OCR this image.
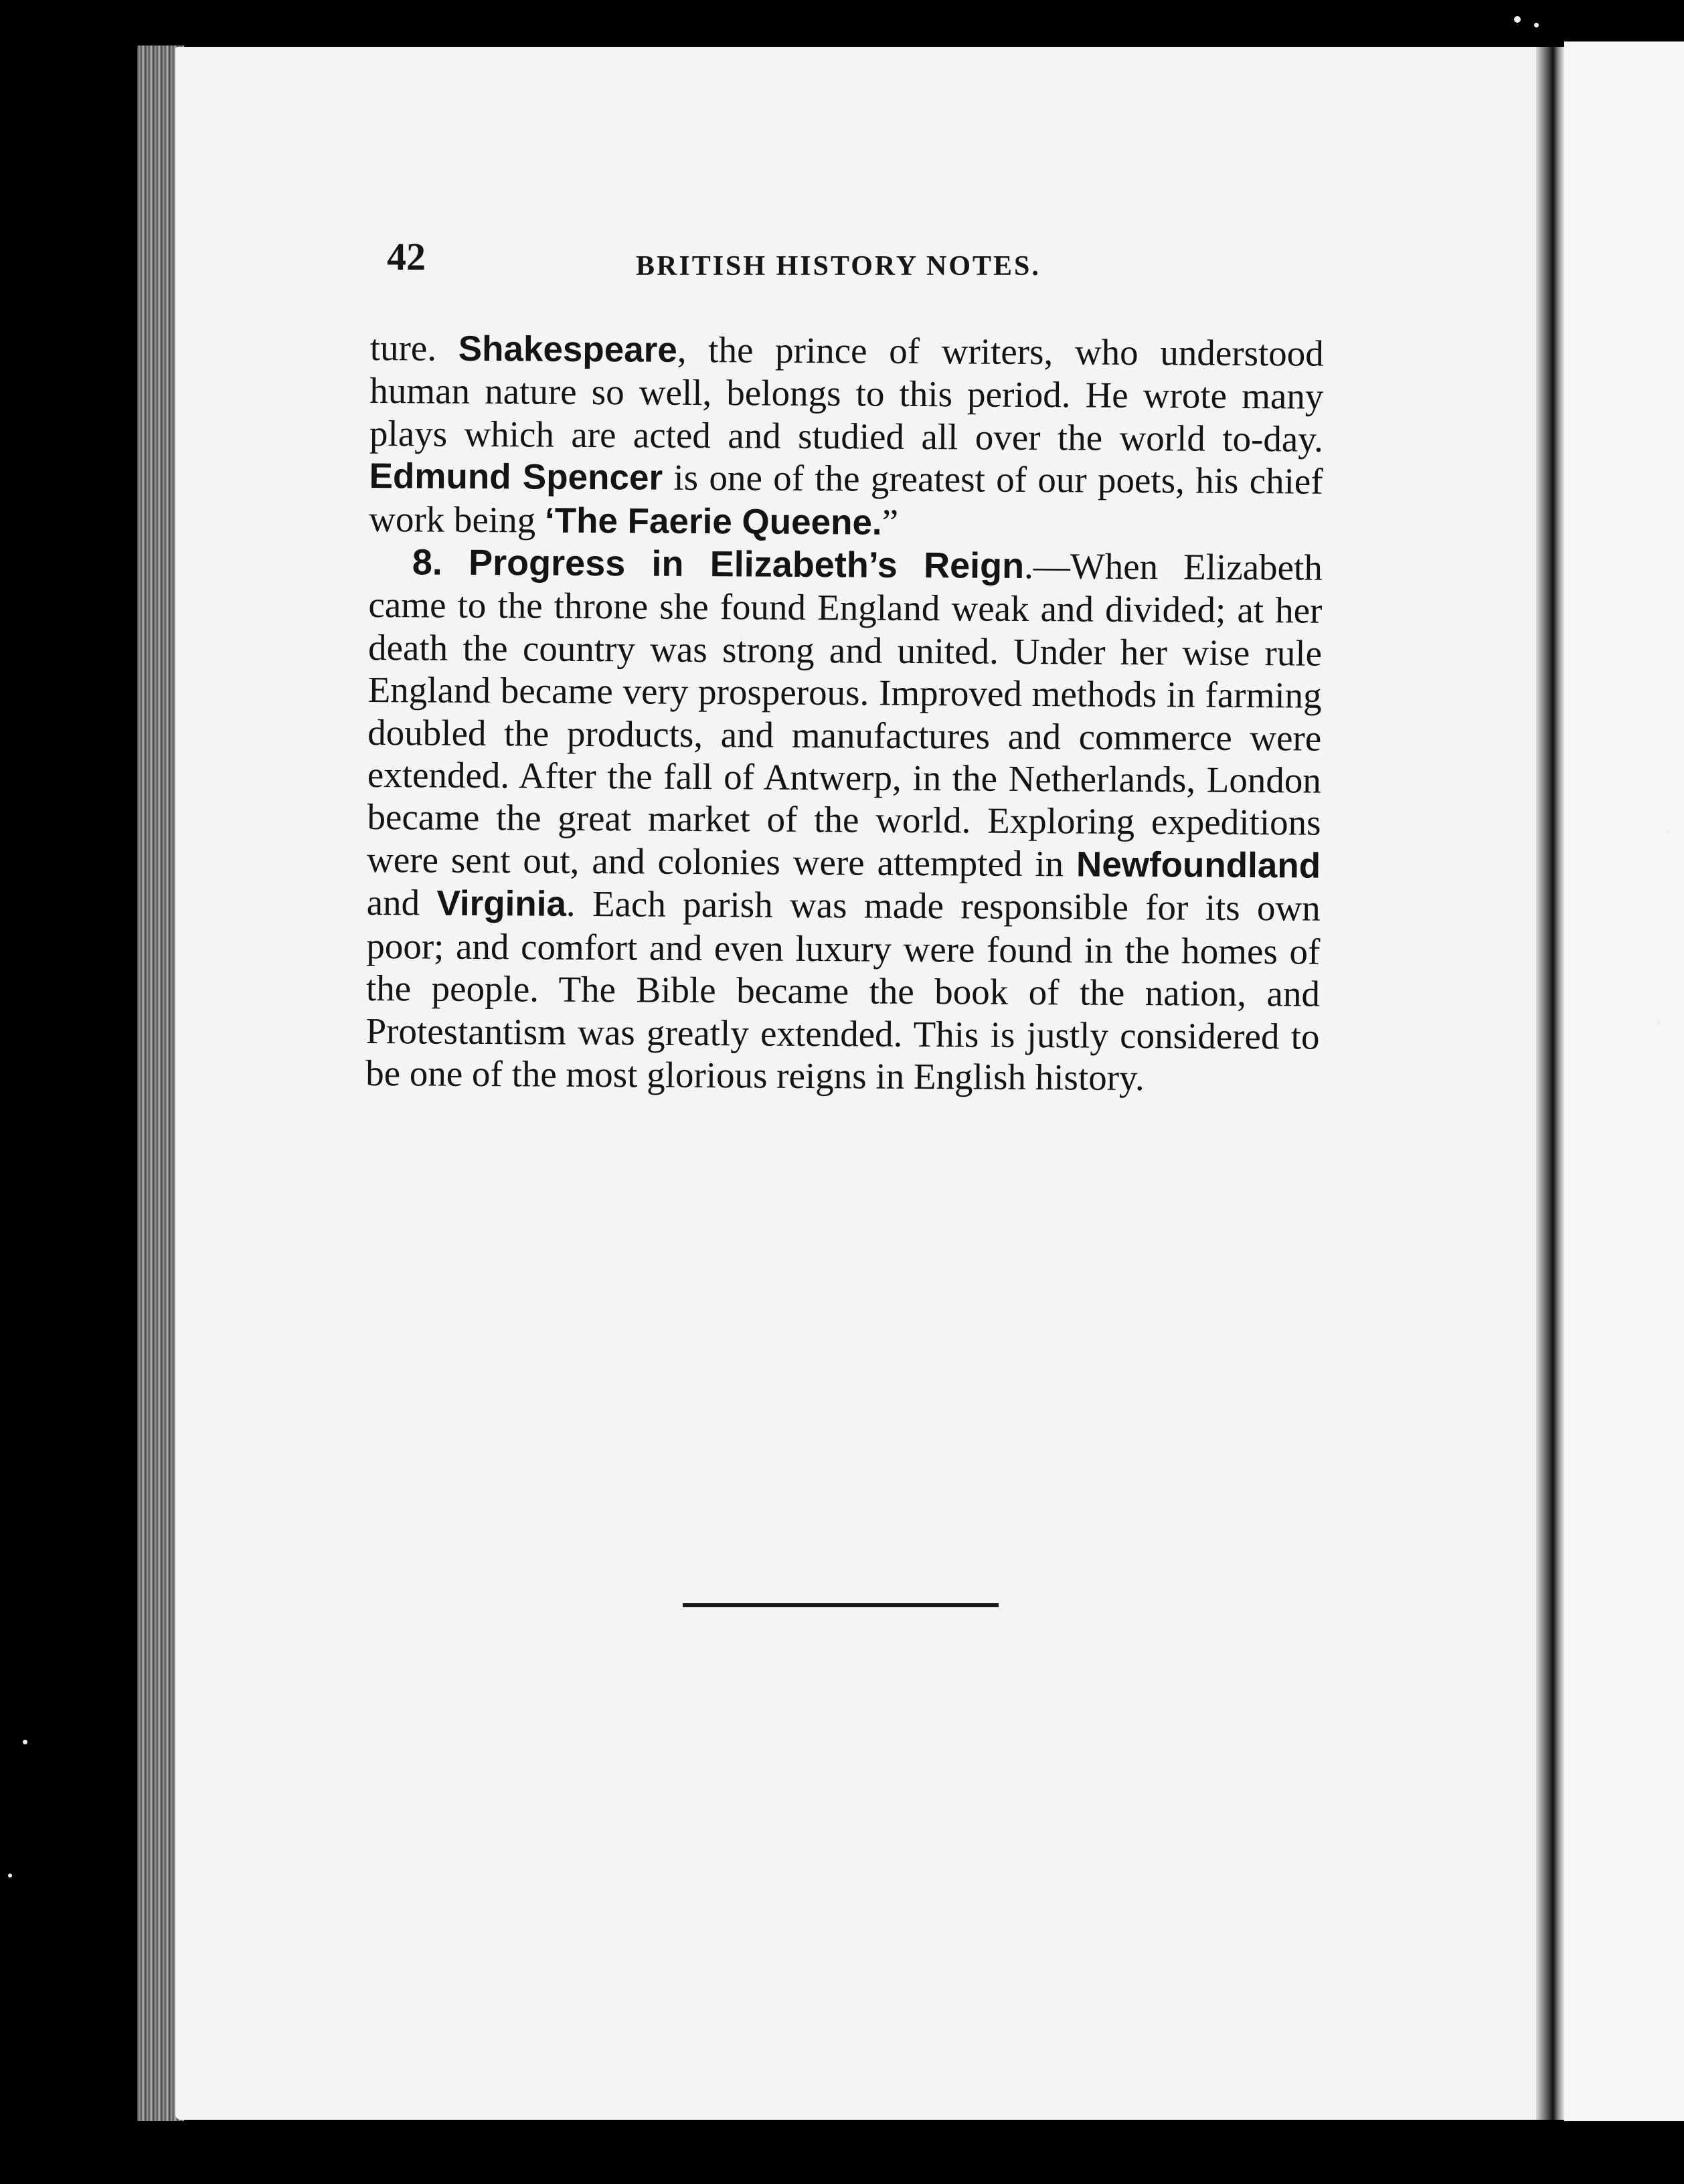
42	BRITISH HISTORY NOTES.

ture. Shakespeare, the prince of writers, who understood human nature so well, belongs to this period. He wrote many plays which are acted and studied all over the world to-day. Edmund Spencer is one of the greatest of our poets, his chief work being ‘The Faerie Queene.”

8. Progress in Elizabeth’s Reign.—When Elizabeth came to the throne she found England weak and divided; at her death the country was strong and united. Under her wise rule England became very prosperous. Improved methods in farming doubled the products, and manufactures and commerce were extended. After the fall of Antwerp, in the Netherlands, London became the great market of the world. Exploring expeditions were sent out, and colonies were attempted in Newfoundland and Virginia. Each parish was made responsible for its own poor; and comfort and even luxury were found in the homes of the people. The Bible became the book of the nation, and Protestantism was greatly extended. This is justly considered to be one of the most glorious reigns in English history.
